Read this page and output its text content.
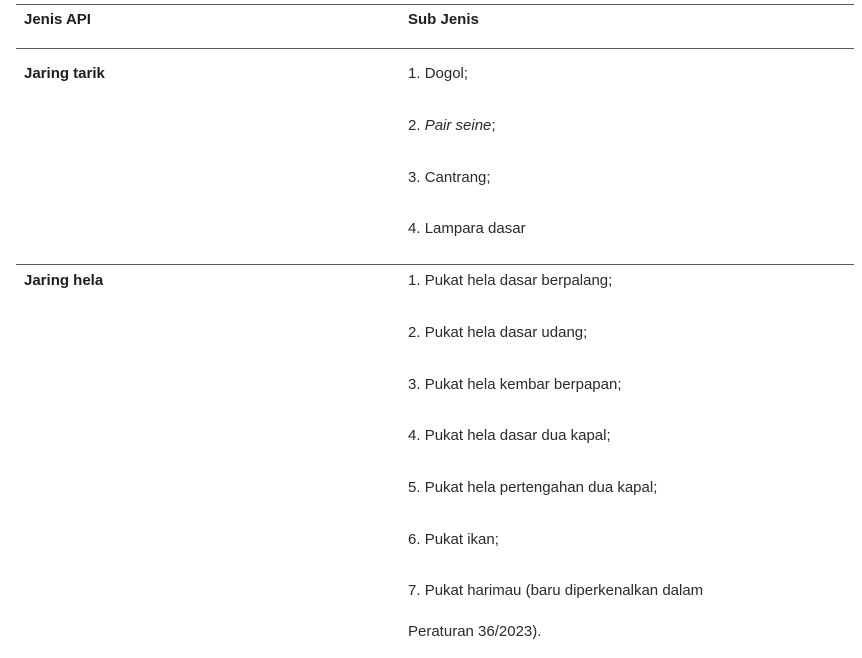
Jenis API	Sub Jenis
Jaring tarik	1. Dogol;
2. Pair seine;
3. Cantrang;
4. Lampara dasar
Jaring hela	1. Pukat hela dasar berpalang;
2. Pukat hela dasar udang;
3. Pukat hela kembar berpapan;
4. Pukat hela dasar dua kapal;
5. Pukat hela pertengahan dua kapal;
6. Pukat ikan;
7. Pukat harimau (baru diperkenalkan dalam
Peraturan 36/2023).
